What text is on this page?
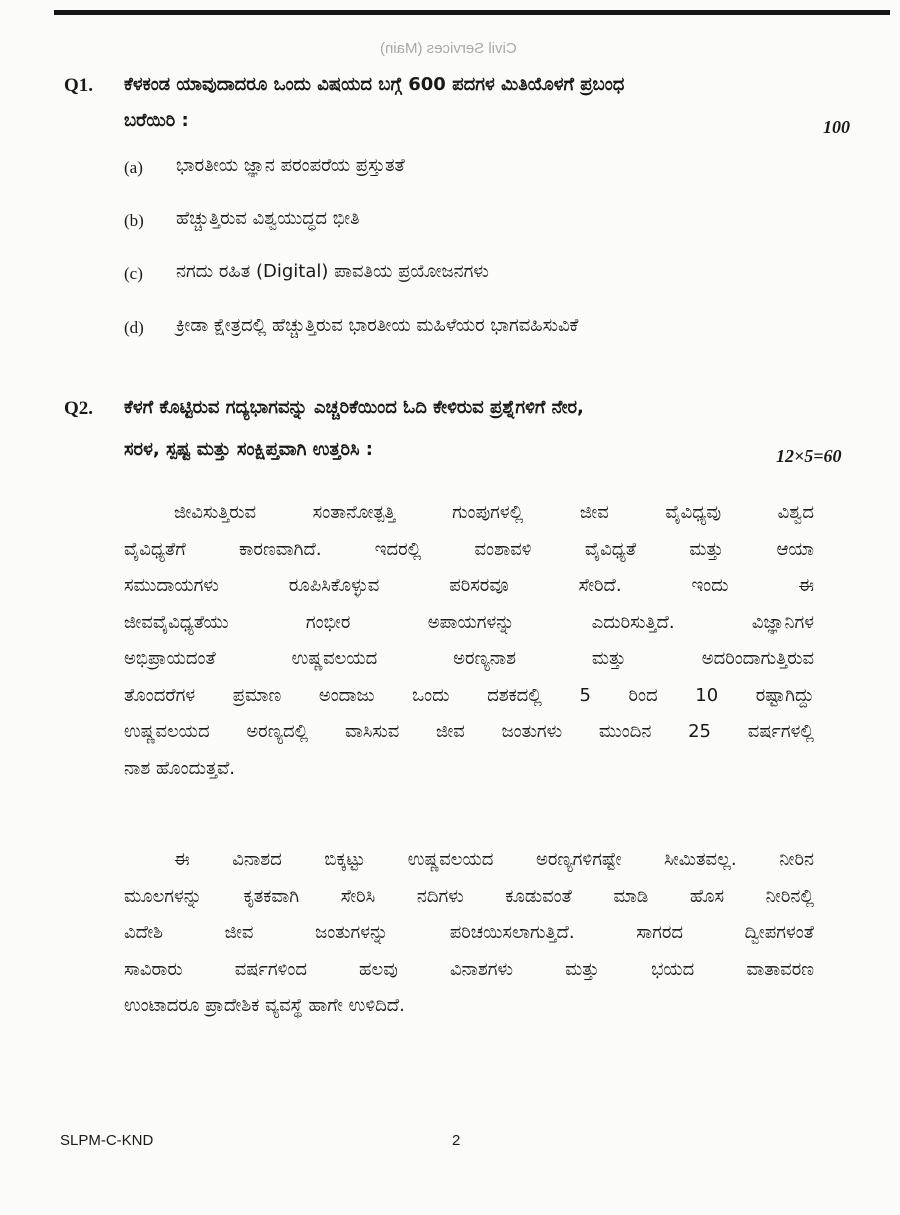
Civil Services (Main)
Q1. ಕೆಳಕಂಡ ಯಾವುದಾದರೂ ಒಂದು ವಿಷಯದ ಬಗ್ಗೆ 600 ಪದಗಳ ಮಿತಿಯೊಳಗೆ ಪ್ರಬಂಧ
ಬರೆಯಿರಿ :	100
(a) ಭಾರತೀಯ ಜ್ಞಾನ ಪರಂಪರೆಯ ಪ್ರಸ್ತುತತೆ
(b) ಹೆಚ್ಚುತ್ತಿರುವ ವಿಶ್ವಯುದ್ಧದ ಭೀತಿ
(c) ನಗದು ರಹಿತ (Digital) ಪಾವತಿಯ ಪ್ರಯೋಜನಗಳು
(d) ಕ್ರೀಡಾ ಕ್ಷೇತ್ರದಲ್ಲಿ ಹೆಚ್ಚುತ್ತಿರುವ ಭಾರತೀಯ ಮಹಿಳೆಯರ ಭಾಗವಹಿಸುವಿಕೆ
Q2. ಕೆಳಗೆ ಕೊಟ್ಟಿರುವ ಗದ್ಯಭಾಗವನ್ನು ಎಚ್ಚರಿಕೆಯಿಂದ ಓದಿ ಕೇಳಿರುವ ಪ್ರಶ್ನೆಗಳಿಗೆ ನೇರ,
ಸರಳ, ಸ್ಪಷ್ಟ ಮತ್ತು ಸಂಕ್ಷಿಪ್ತವಾಗಿ ಉತ್ತರಿಸಿ :	12×5=60
ಜೀವಿಸುತ್ತಿರುವ ಸಂತಾನೋತ್ಪತ್ತಿ ಗುಂಪುಗಳಲ್ಲಿ ಜೀವ ವೈವಿಧ್ಯವು ವಿಶ್ವದ
ವೈವಿಧ್ಯತೆಗೆ ಕಾರಣವಾಗಿದೆ. ಇದರಲ್ಲಿ ವಂಶಾವಳಿ ವೈವಿಧ್ಯತೆ ಮತ್ತು ಆಯಾ
ಸಮುದಾಯಗಳು ರೂಪಿಸಿಕೊಳ್ಳುವ ಪರಿಸರವೂ ಸೇರಿದೆ. ಇಂದು ಈ
ಜೀವವೈವಿಧ್ಯತೆಯು ಗಂಭೀರ ಅಪಾಯಗಳನ್ನು ಎದುರಿಸುತ್ತಿದೆ. ವಿಜ್ಞಾನಿಗಳ
ಅಭಿಪ್ರಾಯದಂತೆ ಉಷ್ಣವಲಯದ ಅರಣ್ಯನಾಶ ಮತ್ತು ಅದರಿಂದಾಗುತ್ತಿರುವ
ತೊಂದರೆಗಳ ಪ್ರಮಾಣ ಅಂದಾಜು ಒಂದು ದಶಕದಲ್ಲಿ 5 ರಿಂದ 10 ರಷ್ಟಾಗಿದ್ದು
ಉಷ್ಣವಲಯದ ಅರಣ್ಯದಲ್ಲಿ ವಾಸಿಸುವ ಜೀವ ಜಂತುಗಳು ಮುಂದಿನ 25 ವರ್ಷಗಳಲ್ಲಿ
ನಾಶ ಹೊಂದುತ್ತವೆ.
ಈ ವಿನಾಶದ ಬಿಕ್ಕಟ್ಟು ಉಷ್ಣವಲಯದ ಅರಣ್ಯಗಳಿಗಷ್ಟೇ ಸೀಮಿತವಲ್ಲ. ನೀರಿನ
ಮೂಲಗಳನ್ನು ಕೃತಕವಾಗಿ ಸೇರಿಸಿ ನದಿಗಳು ಕೂಡುವಂತೆ ಮಾಡಿ ಹೊಸ ನೀರಿನಲ್ಲಿ
ವಿದೇಶಿ ಜೀವ ಜಂತುಗಳನ್ನು ಪರಿಚಯಿಸಲಾಗುತ್ತಿದೆ. ಸಾಗರದ ದ್ವೀಪಗಳಂತೆ
ಸಾವಿರಾರು ವರ್ಷಗಳಿಂದ ಹಲವು ವಿನಾಶಗಳು ಮತ್ತು ಭಯದ ವಾತಾವರಣ
ಉಂಟಾದರೂ ಪ್ರಾದೇಶಿಕ ವ್ಯವಸ್ಥೆ ಹಾಗೇ ಉಳಿದಿದೆ.
SLPM-C-KND	2
